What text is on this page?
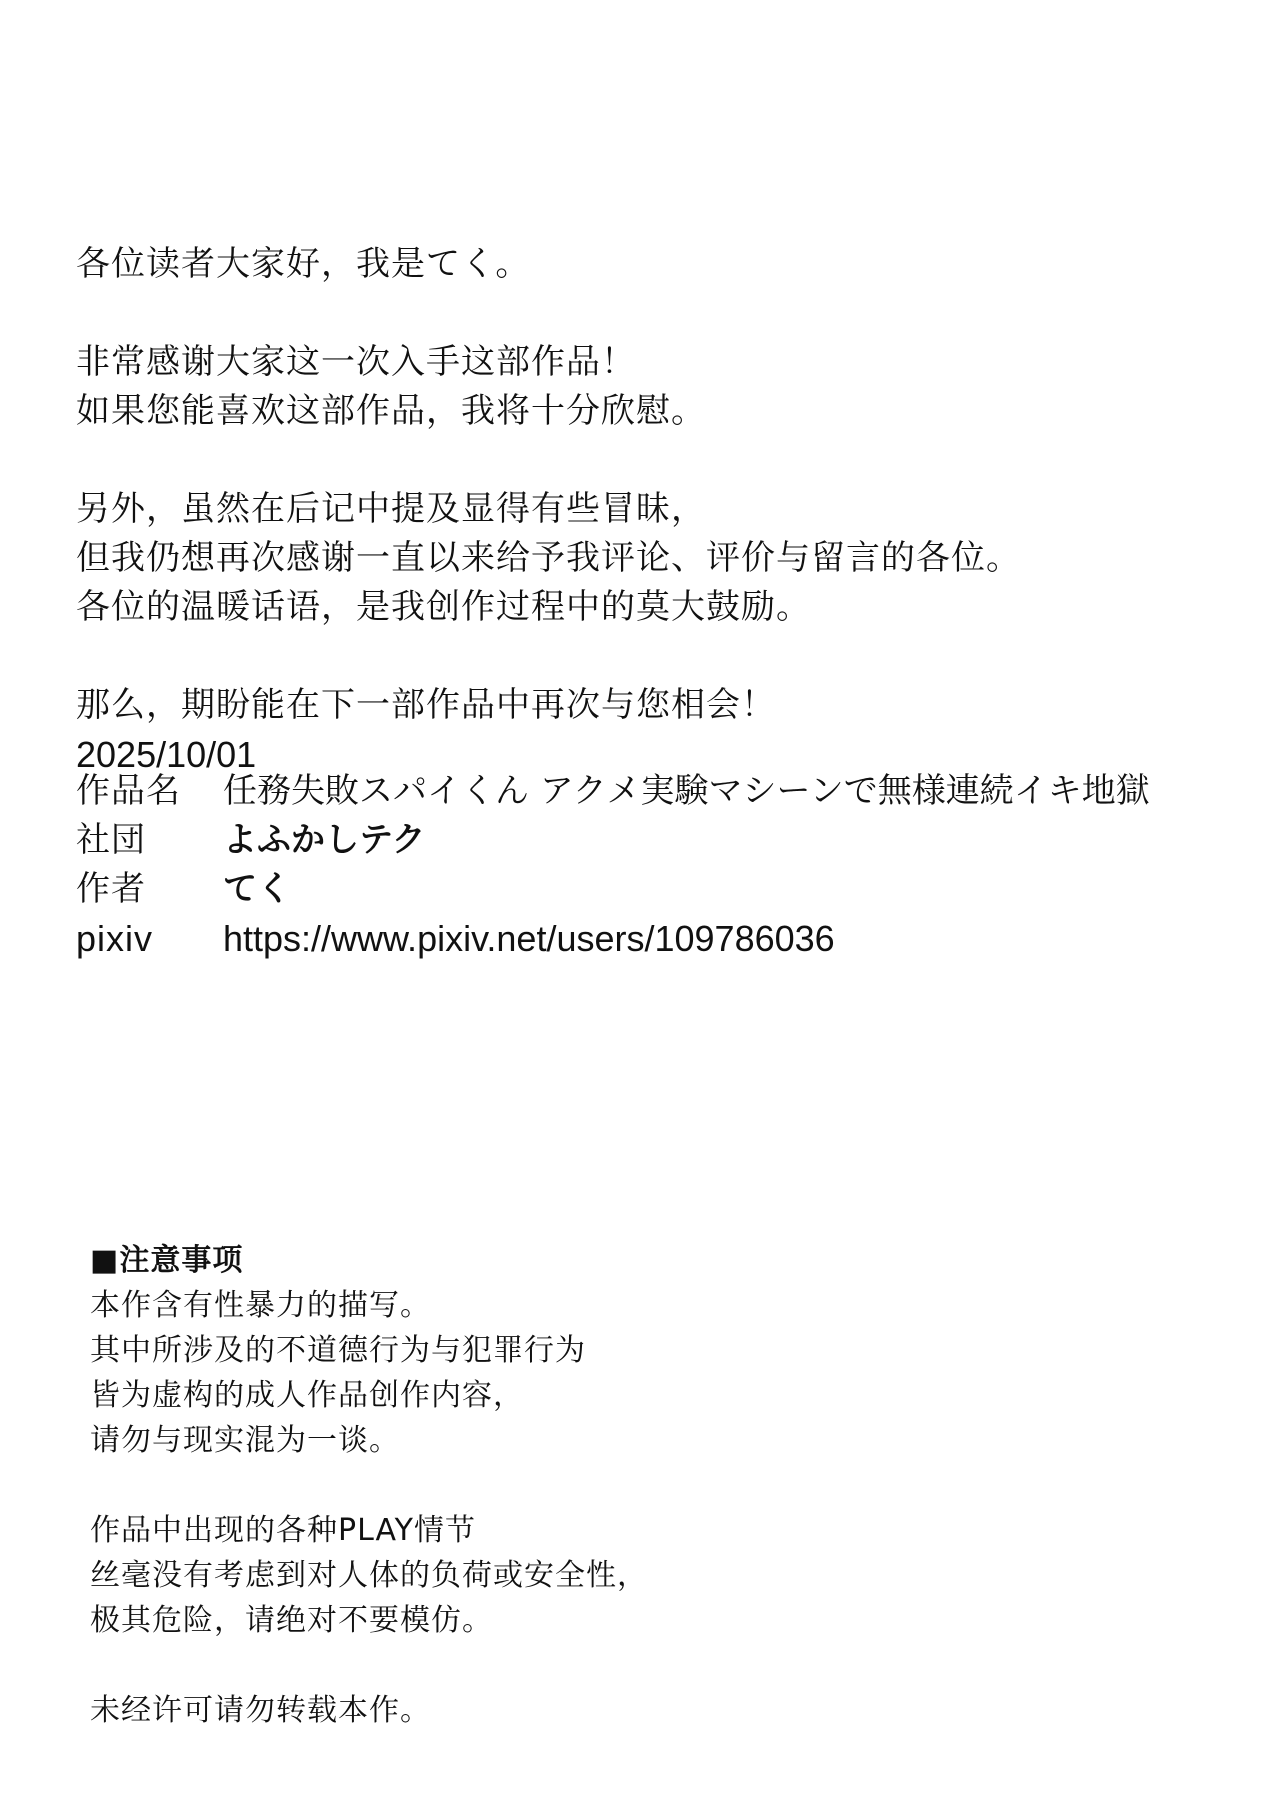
各位读者大家好，我是てく。
非常感谢大家这一次入手这部作品！
如果您能喜欢这部作品，我将十分欣慰。
另外，虽然在后记中提及显得有些冒昧，
但我仍想再次感谢一直以来给予我评论、评价与留言的各位。
各位的温暖话语，是我创作过程中的莫大鼓励。
那么，期盼能在下一部作品中再次与您相会！
2025/10/01
作品名	任務失敗スパイくん アクメ実験マシーンで無様連続イキ地獄
社団	よふかしテク
作者	てく
pixiv	https://www.pixiv.net/users/109786036
■注意事项
本作含有性暴力的描写。
其中所涉及的不道德行为与犯罪行为
皆为虚构的成人作品创作内容，
请勿与现实混为一谈。
作品中出现的各种PLAY情节
丝毫没有考虑到对人体的负荷或安全性，
极其危险，请绝对不要模仿。
未经许可请勿转载本作。
